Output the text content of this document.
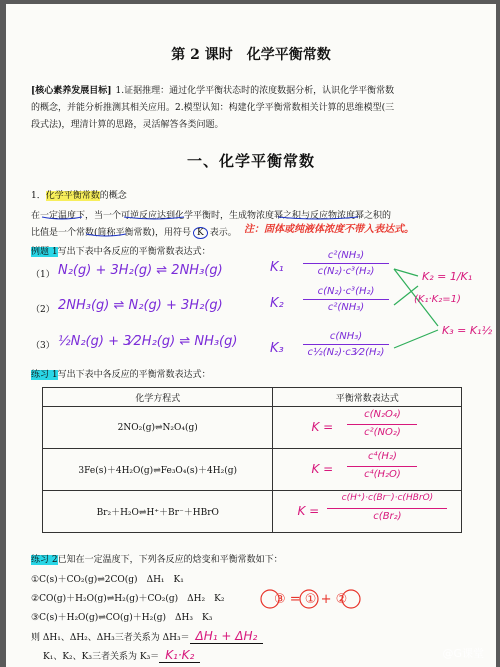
第 2 课时　化学平衡常数
[核心素养发展目标] 1.证据推理：通过化学平衡状态时的浓度数据分析，认识化学平衡常数
的概念，并能分析推测其相关应用。2.模型认知：构建化学平衡常数相关计算的思维模型(三
段式法)，理清计算的思路，灵活解答各类问题。
一、化学平衡常数
1．化学平衡常数的概念
在一定温度下，当一个可逆反应达到化学平衡时，生成物浓度幂之积与反应物浓度幂之积的
比值是一个常数(简称平衡常数)，用符号 K 表示。 注：固体或纯液体浓度不带入表达式。
例题 1写出下表中各反应的平衡常数表达式：
（1） N₂(g) + 3H₂(g) ⇌ 2NH₃(g)	K₁
c²(NH₃)
c(N₂)·c³(H₂)
（2） 2NH₃(g) ⇌ N₂(g) + 3H₂(g)	K₂
c(N₂)·c³(H₂)
c²(NH₃)
（3） ½N₂(g) + 3⁄2H₂(g) ⇌ NH₃(g)	K₃
c(NH₃)
c½(N₂)·c3⁄2(H₂)
K₂ = 1/K₁
(K₁·K₂=1)
K₃ = K₁½
练习 1写出下表中各反应的平衡常数表达式：
化学方程式	平衡常数表达式
2NO₂(g)⇌N₂O₄(g)	K =
c(N₂O₄)
c²(NO₂)

3Fe(s)＋4H₂O(g)⇌Fe₃O₄(s)＋4H₂(g)	K =
c⁴(H₂)
c⁴(H₂O)

Br₂＋H₂O⇌H⁺＋Br⁻＋HBrO	K =
c(H⁺)·c(Br⁻)·c(HBrO)
c(Br₂)
练习 2已知在一定温度下，下列各反应的焓变和平衡常数如下：
①C(s)＋CO₂(g)⇌2CO(g)　ΔH₁　K₁
②CO(g)＋H₂O(g)⇌H₂(g)＋CO₂(g)　ΔH₂　K₂
③C(s)＋H₂O(g)⇌CO(g)＋H₂(g)　ΔH₃　K₃
③ = ① + ②
则 ΔH₁、ΔH₂、ΔH₃三者关系为 ΔH₃＝ ΔH₁ + ΔH₂
K₁、K₂、K₃三者关系为 K₃＝ K₁·K₂	@G课堂
